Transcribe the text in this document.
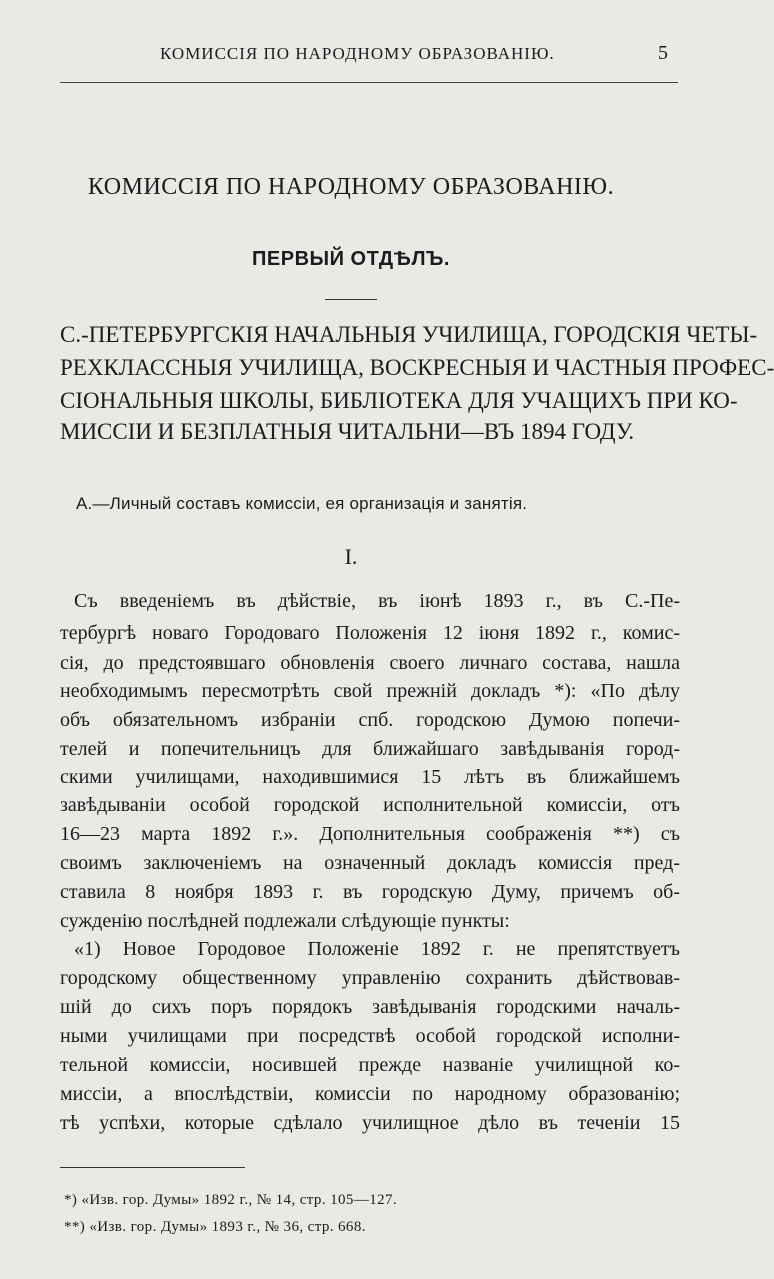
КОМИССІЯ ПО НАРОДНОМУ ОБРАЗОВАНІЮ.	5
КОМИССІЯ ПО НАРОДНОМУ ОБРАЗОВАНІЮ.
ПЕРВЫЙ ОТДѢЛЪ.
С.-ПЕТЕРБУРГСКІЯ НАЧАЛЬНЫЯ УЧИЛИЩА, ГОРОДСКІЯ ЧЕТЫ-
РЕХКЛАССНЫЯ УЧИЛИЩА, ВОСКРЕСНЫЯ И ЧАСТНЫЯ ПРОФЕС-
СІОНАЛЬНЫЯ ШКОЛЫ, БИБЛІОТЕКА ДЛЯ УЧАЩИХЪ ПРИ КО-
МИССІИ И БЕЗПЛАТНЫЯ ЧИТАЛЬНИ—ВЪ 1894 ГОДУ.
А.—Личный составъ комиссіи, ея организація и занятія.
I.
Съ введеніемъ въ дѣйствіе, въ іюнѣ 1893 г., въ С.-Пе-
тербургѣ новаго Городоваго Положенія 12 іюня 1892 г., комис-
сія, до предстоявшаго обновленія своего личнаго состава, нашла
необходимымъ пересмотрѣть свой прежній докладъ *): «По дѣлу
объ обязательномъ избраніи спб. городскою Думою попечи-
телей и попечительницъ для ближайшаго завѣдыванія город-
скими училищами, находившимися 15 лѣтъ въ ближайшемъ
завѣдываніи особой городской исполнительной комиссіи, отъ
16—23 марта 1892 г.». Дополнительныя соображенія **) съ
своимъ заключеніемъ на означенный докладъ комиссія пред-
ставила 8 ноября 1893 г. въ городскую Думу, причемъ об-
сужденію послѣдней подлежали слѣдующіе пункты:
«1) Новое Городовое Положеніе 1892 г. не препятствуетъ
городскому общественному управленію сохранить дѣйствовав-
шій до сихъ поръ порядокъ завѣдыванія городскими началь-
ными училищами при посредствѣ особой городской исполни-
тельной комиссіи, носившей прежде названіе училищной ко-
миссіи, а впослѣдствіи, комиссіи по народному образованію;
тѣ успѣхи, которые сдѣлало училищное дѣло въ теченіи 15
*) «Изв. гор. Думы» 1892 г., № 14, стр. 105—127.
**) «Изв. гор. Думы» 1893 г., № 36, стр. 668.
